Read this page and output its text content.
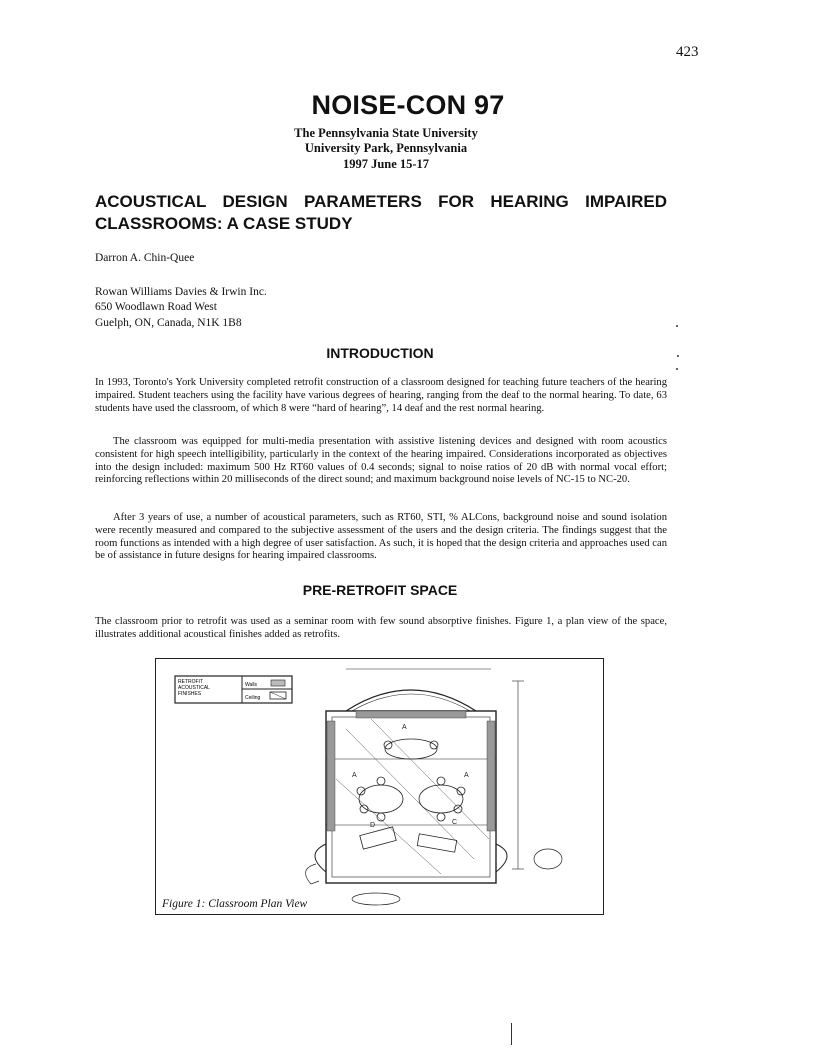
423
NOISE-CON 97
The Pennsylvania State University
University Park, Pennsylvania
1997 June 15-17
ACOUSTICAL DESIGN PARAMETERS FOR HEARING IMPAIRED
CLASSROOMS: A CASE STUDY
Darron A. Chin-Quee
Rowan Williams Davies & Irwin Inc.
650 Woodlawn Road West
Guelph, ON, Canada, N1K 1B8
INTRODUCTION
In 1993, Toronto's York University completed retrofit construction of a classroom designed for teaching future teachers of the hearing impaired. Student teachers using the facility have various degrees of hearing, ranging from the deaf to the normal hearing. To date, 63 students have used the classroom, of which 8 were “hard of hearing”, 14 deaf and the rest normal hearing.
The classroom was equipped for multi-media presentation with assistive listening devices and designed with room acoustics consistent for high speech intelligibility, particularly in the context of the hearing impaired. Considerations incorporated as objectives into the design included: maximum 500 Hz RT60 values of 0.4 seconds; signal to noise ratios of 20 dB with normal vocal effort; reinforcing reflections within 20 milliseconds of the direct sound; and maximum background noise levels of NC-15 to NC-20.
After 3 years of use, a number of acoustical parameters, such as RT60, STI, % ALCons, background noise and sound isolation were recently measured and compared to the subjective assessment of the users and the design criteria. The findings suggest that the room functions as intended with a high degree of user satisfaction. As such, it is hoped that the design criteria and approaches used can be of assistance in future designs for hearing impaired classrooms.
PRE-RETROFIT SPACE
The classroom prior to retrofit was used as a seminar room with few sound absorptive finishes. Figure 1, a plan view of the space, illustrates additional acoustical finishes added as retrofits.
RETROFIT
ACOUSTICAL
FINISHES
Walls
Ceiling
A
A	A
C
D
Figure 1: Classroom Plan View
